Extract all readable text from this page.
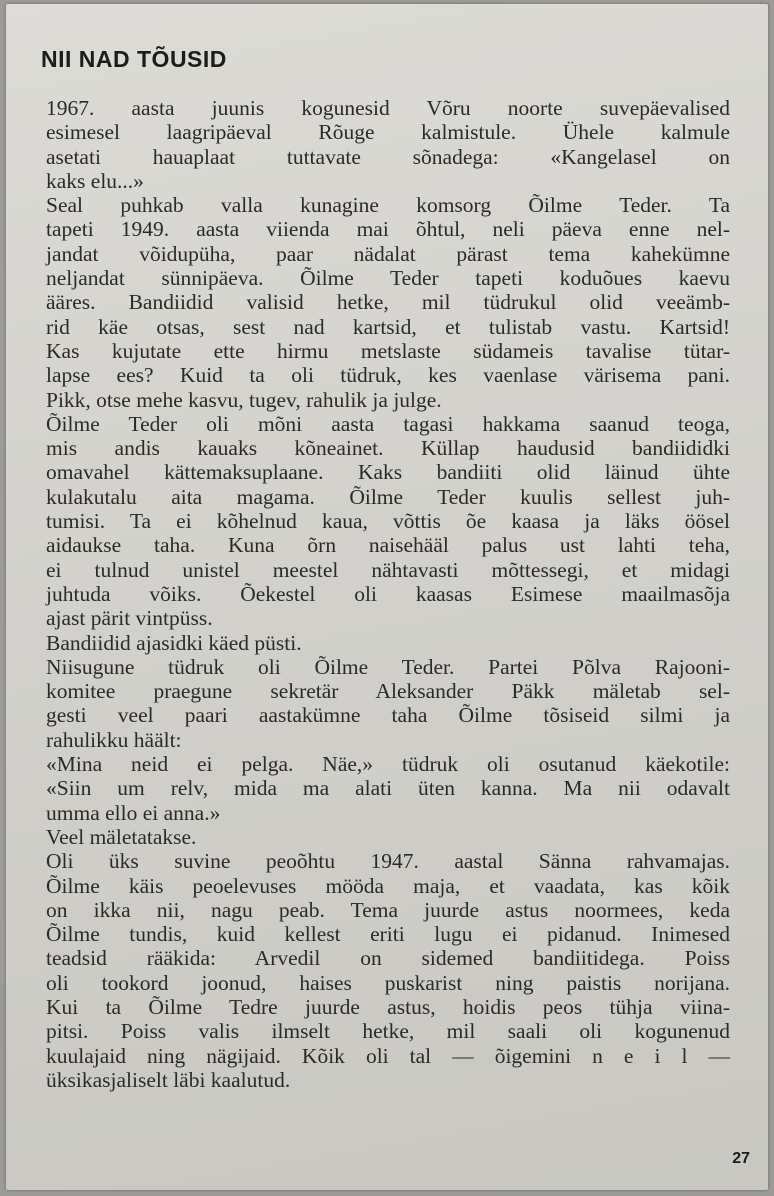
NII NAD TÕUSID
1967. aasta juunis kogunesid Võru noorte suvepäevalised
esimesel laagripäeval Rõuge kalmistule. Ühele kalmule
asetati hauaplaat tuttavate sõnadega: «Kangelasel on
kaks elu...»
Seal puhkab valla kunagine komsorg Õilme Teder. Ta
tapeti 1949. aasta viienda mai õhtul, neli päeva enne nel-
jandat võidupüha, paar nädalat pärast tema kahekümne
neljandat sünnipäeva. Õilme Teder tapeti koduõues kaevu
ääres. Bandiidid valisid hetke, mil tüdrukul olid veeämb-
rid käe otsas, sest nad kartsid, et tulistab vastu. Kartsid!
Kas kujutate ette hirmu metslaste südameis tavalise tütar-
lapse ees? Kuid ta oli tüdruk, kes vaenlase värisema pani.
Pikk, otse mehe kasvu, tugev, rahulik ja julge.
Õilme Teder oli mõni aasta tagasi hakkama saanud teoga,
mis andis kauaks kõneainet. Küllap haudusid bandiididki
omavahel kättemaksuplaane. Kaks bandiiti olid läinud ühte
kulakutalu aita magama. Õilme Teder kuulis sellest juh-
tumisi. Ta ei kõhelnud kaua, võttis õe kaasa ja läks öösel
aidaukse taha. Kuna õrn naisehääl palus ust lahti teha,
ei tulnud unistel meestel nähtavasti mõttessegi, et midagi
juhtuda võiks. Õekestel oli kaasas Esimese maailmasõja
ajast pärit vintpüss.
Bandiidid ajasidki käed püsti.
Niisugune tüdruk oli Õilme Teder. Partei Põlva Rajooni-
komitee praegune sekretär Aleksander Päkk mäletab sel-
gesti veel paari aastakümne taha Õilme tõsiseid silmi ja
rahulikku häält:
«Mina neid ei pelga. Näe,» tüdruk oli osutanud käekotile:
«Siin um relv, mida ma alati üten kanna. Ma nii odavalt
umma ello ei anna.»
Veel mäletatakse.
Oli üks suvine peoõhtu 1947. aastal Sänna rahvamajas.
Õilme käis peoelevuses mööda maja, et vaadata, kas kõik
on ikka nii, nagu peab. Tema juurde astus noormees, keda
Õilme tundis, kuid kellest eriti lugu ei pidanud. Inimesed
teadsid rääkida: Arvedil on sidemed bandiitidega. Poiss
oli tookord joonud, haises puskarist ning paistis norijana.
Kui ta Õilme Tedre juurde astus, hoidis peos tühja viina-
pitsi. Poiss valis ilmselt hetke, mil saali oli kogunenud
kuulajaid ning nägijaid. Kõik oli tal — õigemini n e i l —
üksikasjaliselt läbi kaalutud.
27
